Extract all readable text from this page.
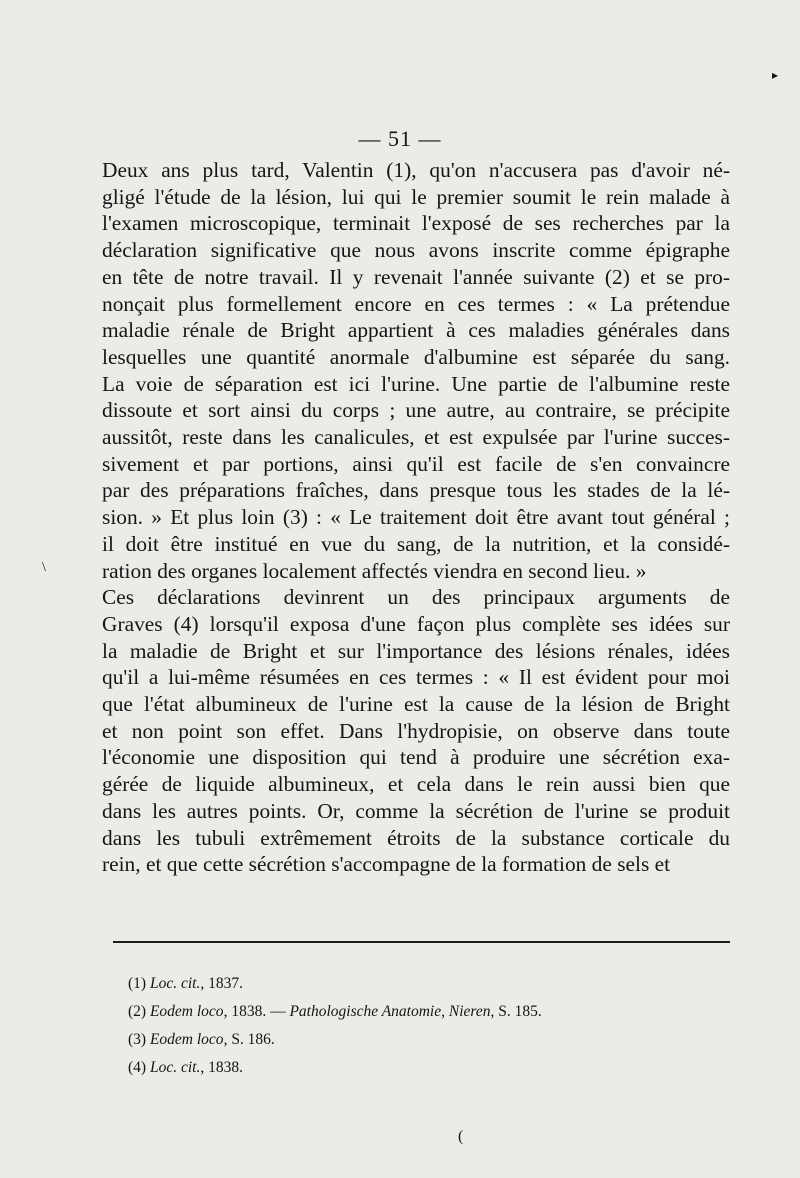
▸
— 51 —

Deux ans plus tard, Valentin (1), qu'on n'accusera pas d'avoir né-
gligé l'étude de la lésion, lui qui le premier soumit le rein malade à
l'examen microscopique, terminait l'exposé de ses recherches par la
déclaration significative que nous avons inscrite comme épigraphe
en tête de notre travail. Il y revenait l'année suivante (2) et se pro-
nonçait plus formellement encore en ces termes : « La prétendue
maladie rénale de Bright appartient à ces maladies générales dans
lesquelles une quantité anormale d'albumine est séparée du sang.
La voie de séparation est ici l'urine. Une partie de l'albumine reste
dissoute et sort ainsi du corps ; une autre, au contraire, se précipite
aussitôt, reste dans les canalicules, et est expulsée par l'urine succes-
sivement et par portions, ainsi qu'il est facile de s'en convaincre
par des préparations fraîches, dans presque tous les stades de la lé-
sion. » Et plus loin (3) : « Le traitement doit être avant tout général ;
il doit être institué en vue du sang, de la nutrition, et la considé-
ration des organes localement affectés viendra en second lieu. »

Ces déclarations devinrent un des principaux arguments de
Graves (4) lorsqu'il exposa d'une façon plus complète ses idées sur
la maladie de Bright et sur l'importance des lésions rénales, idées
qu'il a lui-même résumées en ces termes : « Il est évident pour moi
que l'état albumineux de l'urine est la cause de la lésion de Bright
et non point son effet. Dans l'hydropisie, on observe dans toute
l'économie une disposition qui tend à produire une sécrétion exa-
gérée de liquide albumineux, et cela dans le rein aussi bien que
dans les autres points. Or, comme la sécrétion de l'urine se produit
dans les tubuli extrêmement étroits de la substance corticale du
rein, et que cette sécrétion s'accompagne de la formation de sels et

\
(1) Loc. cit., 1837.
(2) Eodem loco, 1838. — Pathologische Anatomie, Nieren, S. 185.
(3) Eodem loco, S. 186.
(4) Loc. cit., 1838.
(
